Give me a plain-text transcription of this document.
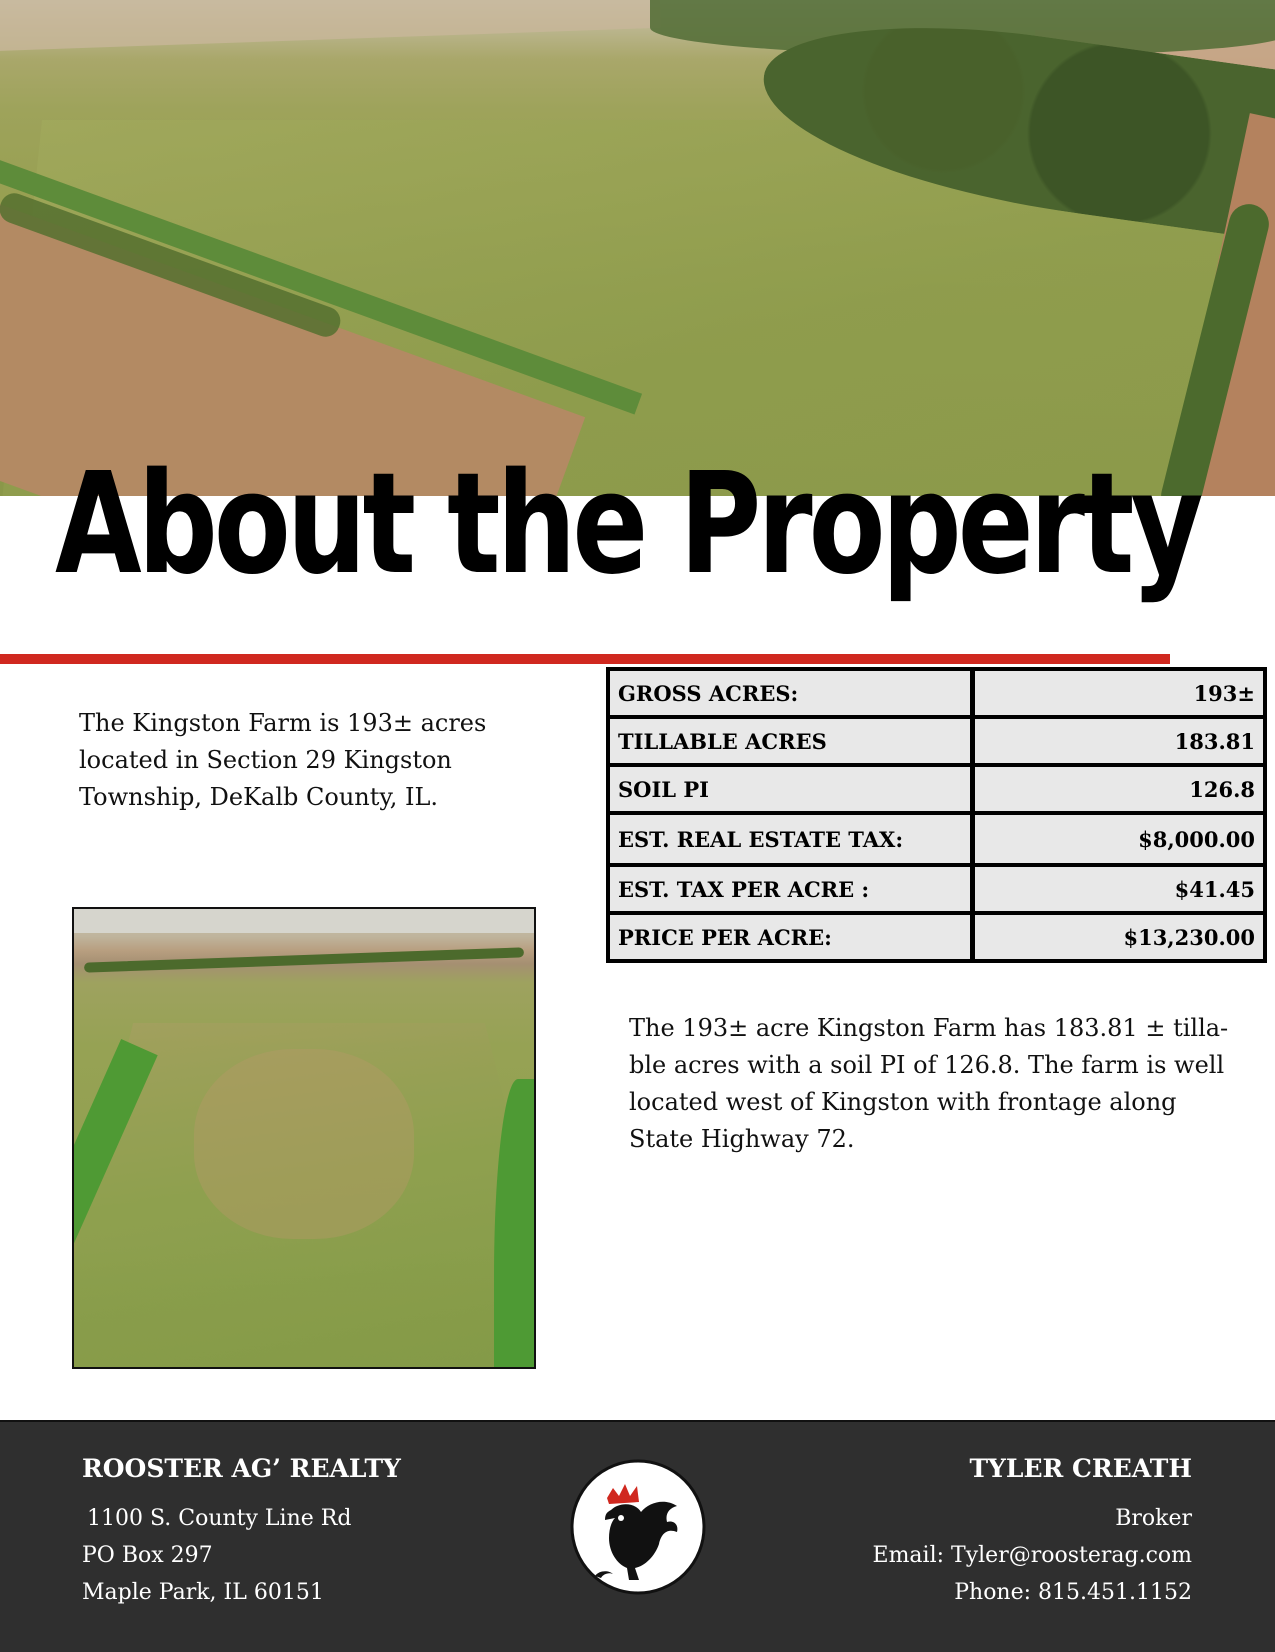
About the Property

The Kingston Farm is 193± acres located in Section 29 Kingston Township, DeKalb County, IL.

GROSS ACRES:	193±
TILLABLE ACRES	183.81
SOIL PI	126.8
EST. REAL ESTATE TAX:	$8,000.00
EST. TAX PER ACRE :	$41.45
PRICE PER ACRE:	$13,230.00

The 193± acre Kingston Farm has 183.81 ± tilla-ble acres with a soil PI of 126.8. The farm is well located west of Kingston with frontage along State Highway 72.

ROOSTER AG’ REALTY
1100 S. County Line Rd
PO Box 297
Maple Park, IL 60151
TYLER CREATH
Broker
Email: Tyler@roosterag.com
Phone: 815.451.1152
